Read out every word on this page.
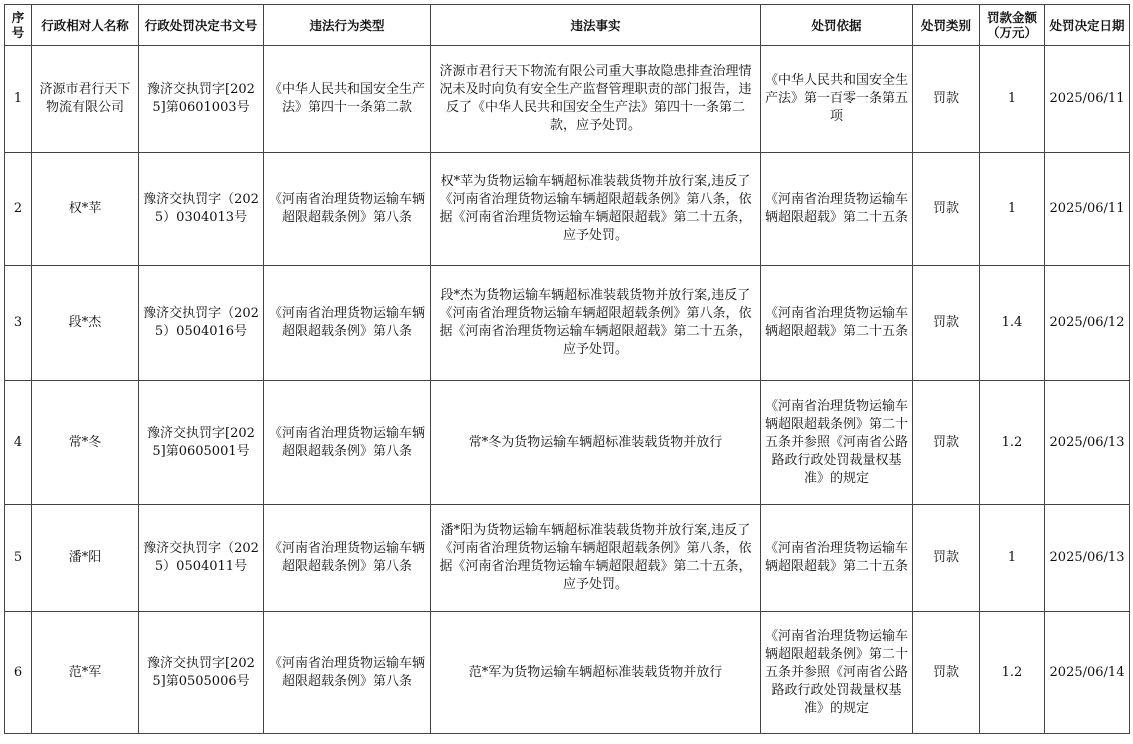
序号	行政相对人名称	行政处罚决定书文号	违法行为类型	违法事实	处罚依据	处罚类别	罚款金额（万元）	处罚决定日期
1	济源市君行天下物流有限公司	豫济交执罚字[2025]第0601003号	《中华人民共和国安全生产法》第四十一条第二款	济源市君行天下物流有限公司重大事故隐患排查治理情况未及时向负有安全生产监督管理职责的部门报告，违反了《中华人民共和国安全生产法》第四十一条第二款，应予处罚。	《中华人民共和国安全生产法》第一百零一条第五项	罚款	1	2025/06/11
2	权*苹	豫济交执罚字（2025）0304013号	《河南省治理货物运输车辆超限超载条例》第八条	权*苹为货物运输车辆超标准装载货物并放行案,违反了《河南省治理货物运输车辆超限超载条例》第八条，依据《河南省治理货物运输车辆超限超载》第二十五条，应予处罚。	《河南省治理货物运输车辆超限超载》第二十五条	罚款	1	2025/06/11
3	段*杰	豫济交执罚字（2025）0504016号	《河南省治理货物运输车辆超限超载条例》第八条	段*杰为货物运输车辆超标准装载货物并放行案,违反了《河南省治理货物运输车辆超限超载条例》第八条，依据《河南省治理货物运输车辆超限超载》第二十五条，应予处罚。	《河南省治理货物运输车辆超限超载》第二十五条	罚款	1.4	2025/06/12
4	常*冬	豫济交执罚字[2025]第0605001号	《河南省治理货物运输车辆超限超载条例》第八条	常*冬为货物运输车辆超标准装载货物并放行	《河南省治理货物运输车辆超限超载条例》第二十五条并参照《河南省公路路政行政处罚裁量权基准》的规定	罚款	1.2	2025/06/13
5	潘*阳	豫济交执罚字（2025）0504011号	《河南省治理货物运输车辆超限超载条例》第八条	潘*阳为货物运输车辆超标准装载货物并放行案,违反了《河南省治理货物运输车辆超限超载条例》第八条，依据《河南省治理货物运输车辆超限超载》第二十五条，应予处罚。	《河南省治理货物运输车辆超限超载》第二十五条	罚款	1	2025/06/13
6	范*军	豫济交执罚字[2025]第0505006号	《河南省治理货物运输车辆超限超载条例》第八条	范*军为货物运输车辆超标准装载货物并放行	《河南省治理货物运输车辆超限超载条例》第二十五条并参照《河南省公路路政行政处罚裁量权基准》的规定	罚款	1.2	2025/06/14
